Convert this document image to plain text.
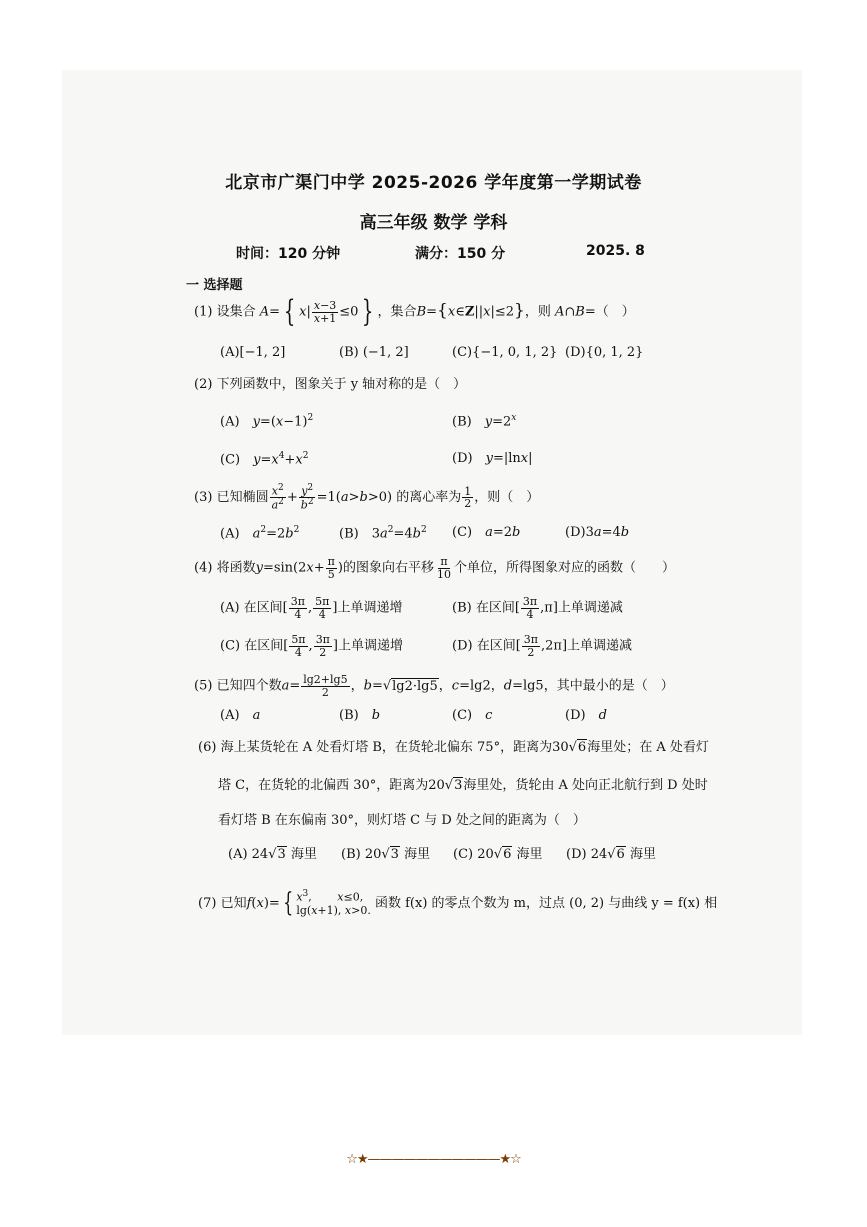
北京市广渠门中学 2025-2026 学年度第一学期试卷
高三年级 数学 学科
时间：120 分钟	满分：150 分	2025. 8
一 选择题
(1) 设集合 A= { $x| \frac{x-3}{x+1} \le 0$ } ，集合B={x∈Z||x|≤2}，则 A∩B=（　）
(A)[−1, 2]	(B) (−1, 2]	(C){−1, 0, 1, 2} (D){0, 1, 2}
(2) 下列函数中，图象关于 y 轴对称的是（　）
(A)　 $y=(x-1)^2$	(B)　 $y=2^x$
(C)　 $y=x^4+x^2$	(D)　 y=|lnx|
(3) 已知椭圆 $\frac{x^2}{a^2} + \frac{y^2}{b^2} =1(a>b>0)$ 的离心率为 $\frac{1}{2}$ ，则（　）
(A)　 $a^2=2b^2$	(B)　$3a^2=4b^2$ (C)　 a=2b	(D)3a=4b
(4) 将函数$y=\sin(2x+ \frac{\pi}{5}$ )的图象向右平移 $\frac{\pi}{10}$ 个单位，所得图象对应的函数（　　）
(A) 在区间[ $\frac{3\pi}{4}$ , $\frac{5\pi}{4}$ ]上单调递增	(B) 在区间[ $\frac{3\pi}{4} ,\pi$]上单调递减
(C) 在区间[ $\frac{5\pi}{4}$ , $\frac{3\pi}{2}$ ]上单调递增	(D) 在区间[ $\frac{3\pi}{2} ,2\pi$]上单调递减
(5) 已知四个数$a= \frac{\lg 2+\lg 5}{2}$ ，b=√lg2·lg5，c=lg2，d=lg5，其中最小的是（　）
(A)　 a	(B)　 b	(C)　 c	(D)　 d
(6) 海上某货轮在 A 处看灯塔 B，在货轮北偏东 75°，距离为30√6海里处；在 A 处看灯
塔 C，在货轮的北偏西 30°，距离为20√3海里处，货轮由 A 处向正北航行到 D 处时
看灯塔 B 在东偏南 30°，则灯塔 C 与 D 处之间的距离为（　）
(A) 24√3 海里 (B) 20√3 海里 (C) 20√6 海里 (D) 24√6 海里
(7) 已知f(x)= { $x^3$,　　 x≤0,
lg(x+1), x>0. 函数 f(x) 的零点个数为 m，过点 (0, 2) 与曲线 y = f(x) 相
☆★———————————★☆
